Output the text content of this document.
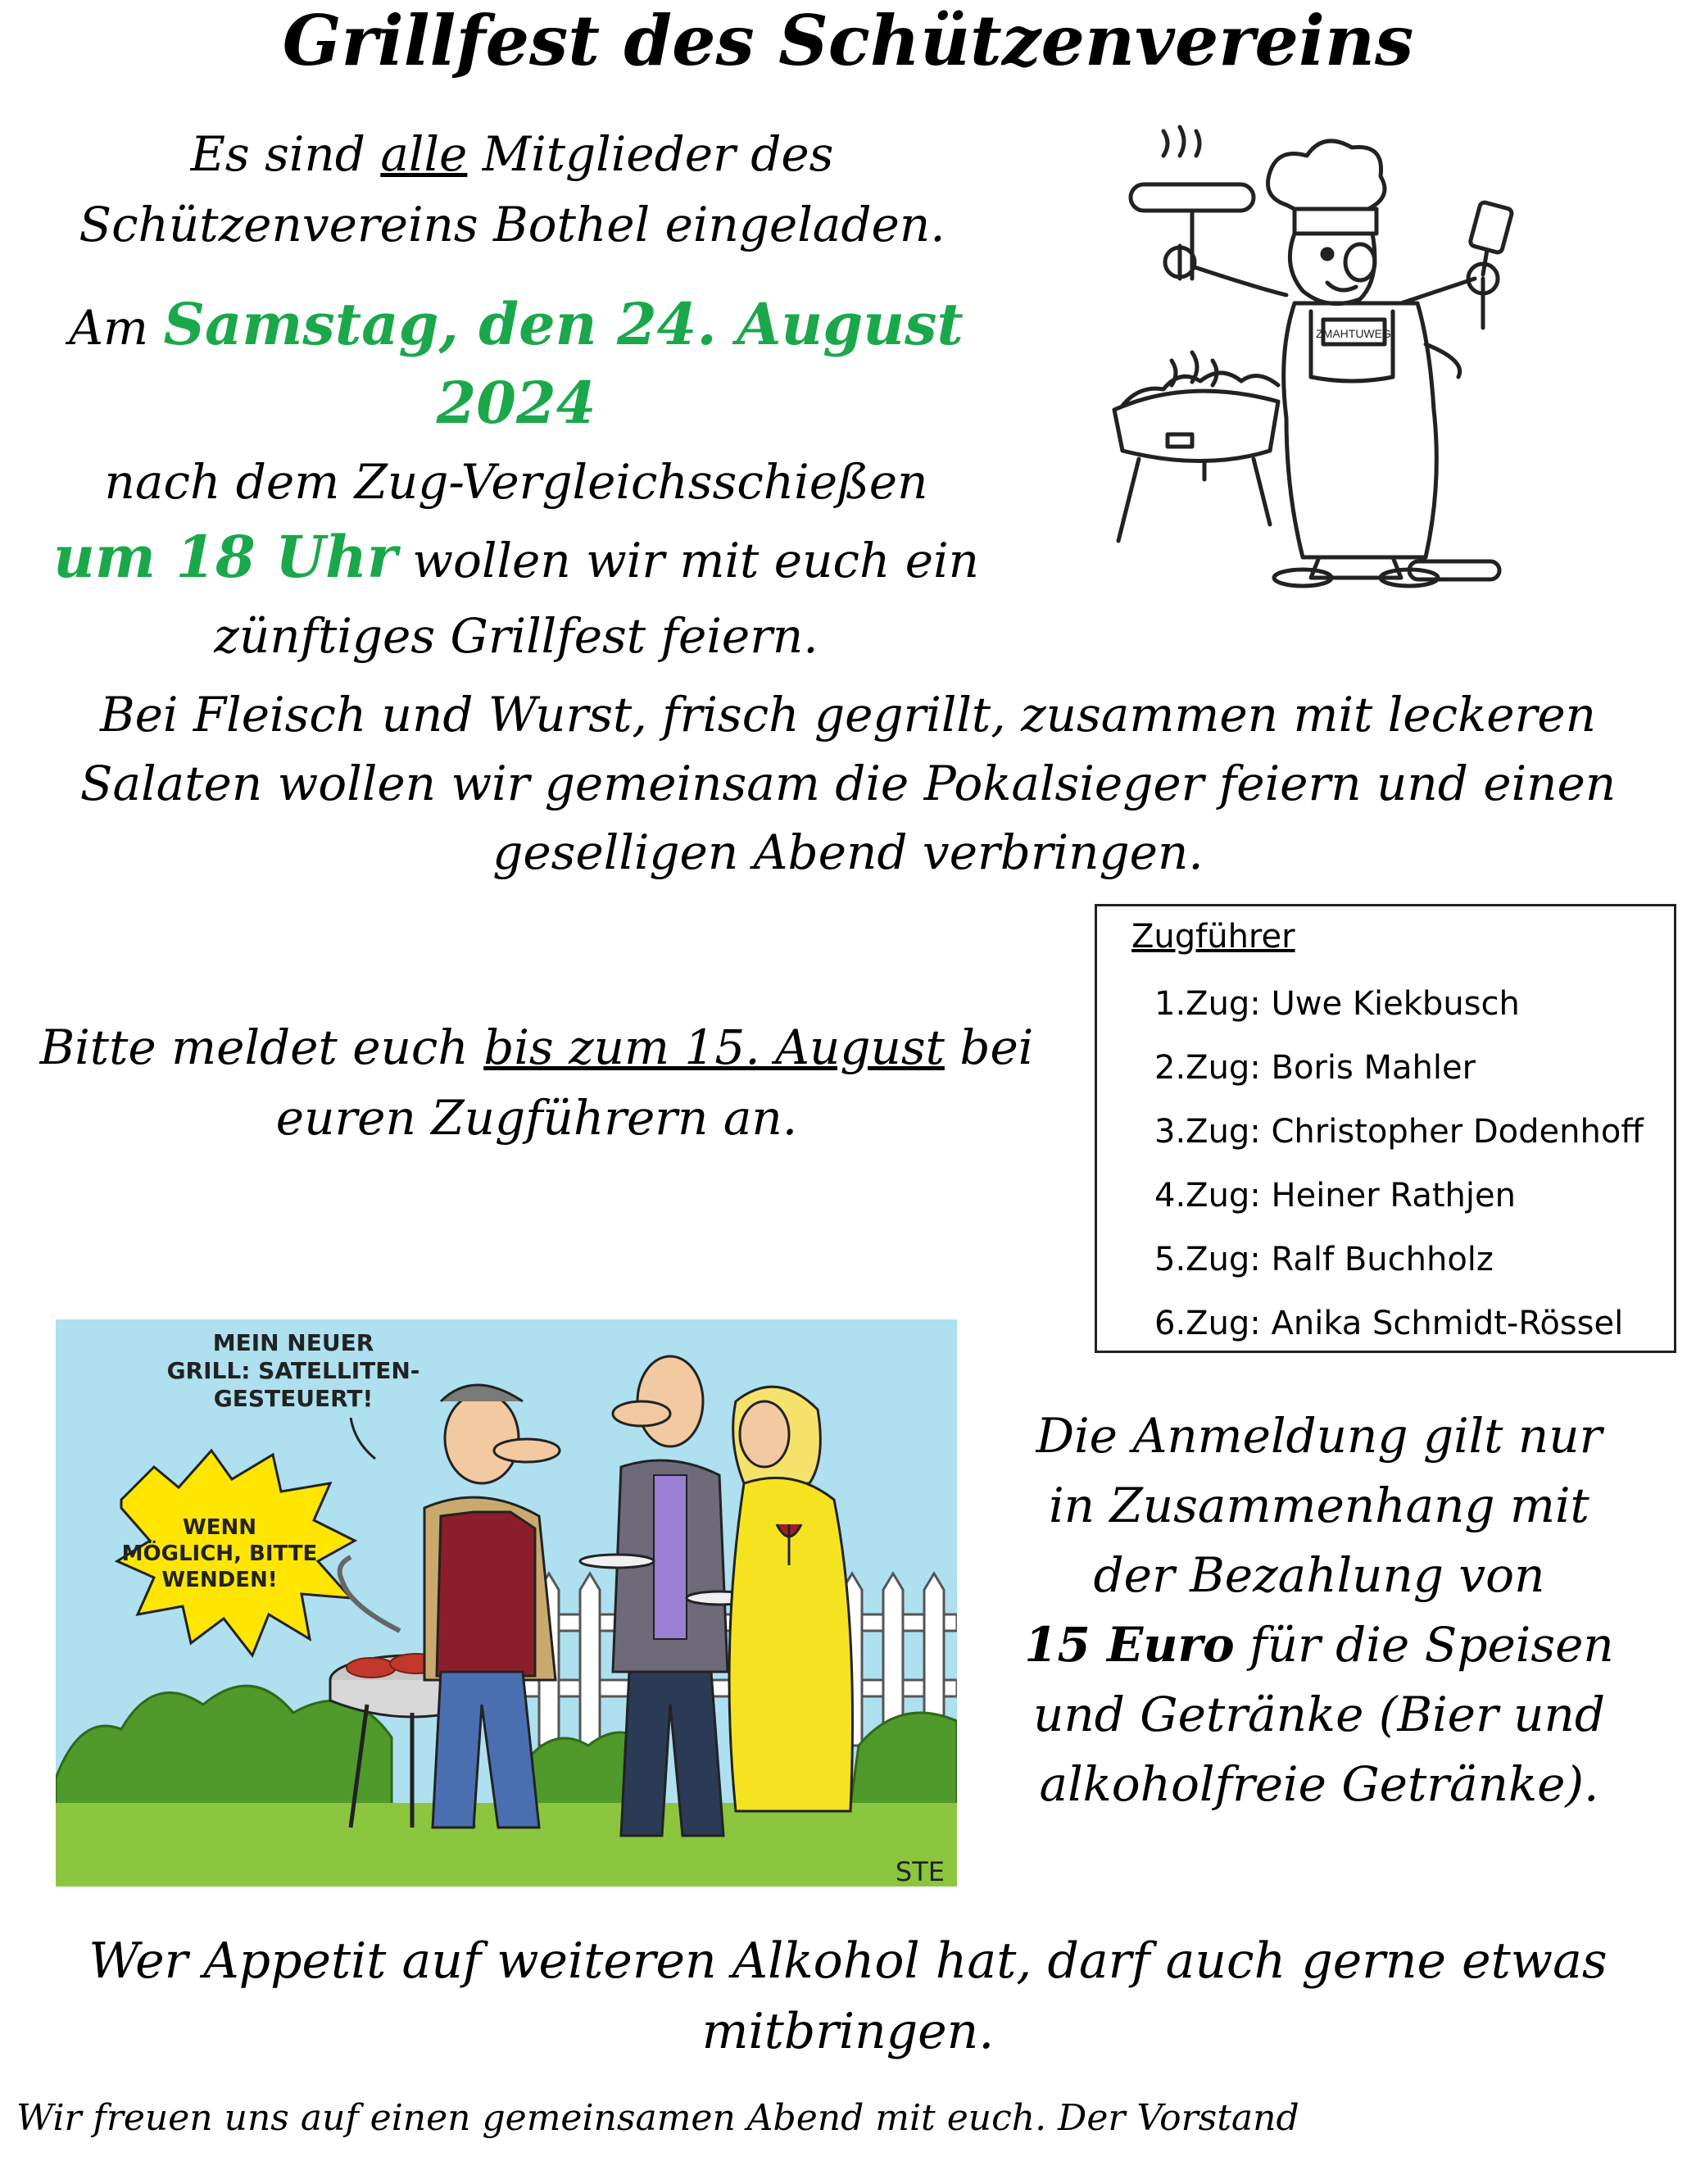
Grillfest des Schützenvereins
Es sind alle Mitglieder des
Schützenvereins Bothel eingeladen.
Am Samstag, den 24. August 2024
nach dem Zug-Vergleichsschießen
um 18 Uhr wollen wir mit euch ein
zünftiges Grillfest feiern.
ZMAHTUWEG
Bei Fleisch und Wurst, frisch gegrillt, zusammen mit leckeren
Salaten wollen wir gemeinsam die Pokalsieger feiern und einen
geselligen Abend verbringen.
Zugführer
1.Zug: Uwe Kiekbusch
2.Zug: Boris Mahler
3.Zug: Christopher Dodenhoff
4.Zug: Heiner Rathjen
5.Zug: Ralf Buchholz
6.Zug: Anika Schmidt-Rössel
Bitte meldet euch bis zum 15. August bei
euren Zugführern an.
MEIN NEUER
GRILL: SATELLITEN-
GESTEUERT!
WENN
MÖGLICH, BITTE
WENDEN!
STE
Die Anmeldung gilt nur
in Zusammenhang mit
der Bezahlung von
15 Euro für die Speisen
und Getränke (Bier und
alkoholfreie Getränke).
Wer Appetit auf weiteren Alkohol hat, darf auch gerne etwas
mitbringen.
Wir freuen uns auf einen gemeinsamen Abend mit euch. Der Vorstand
